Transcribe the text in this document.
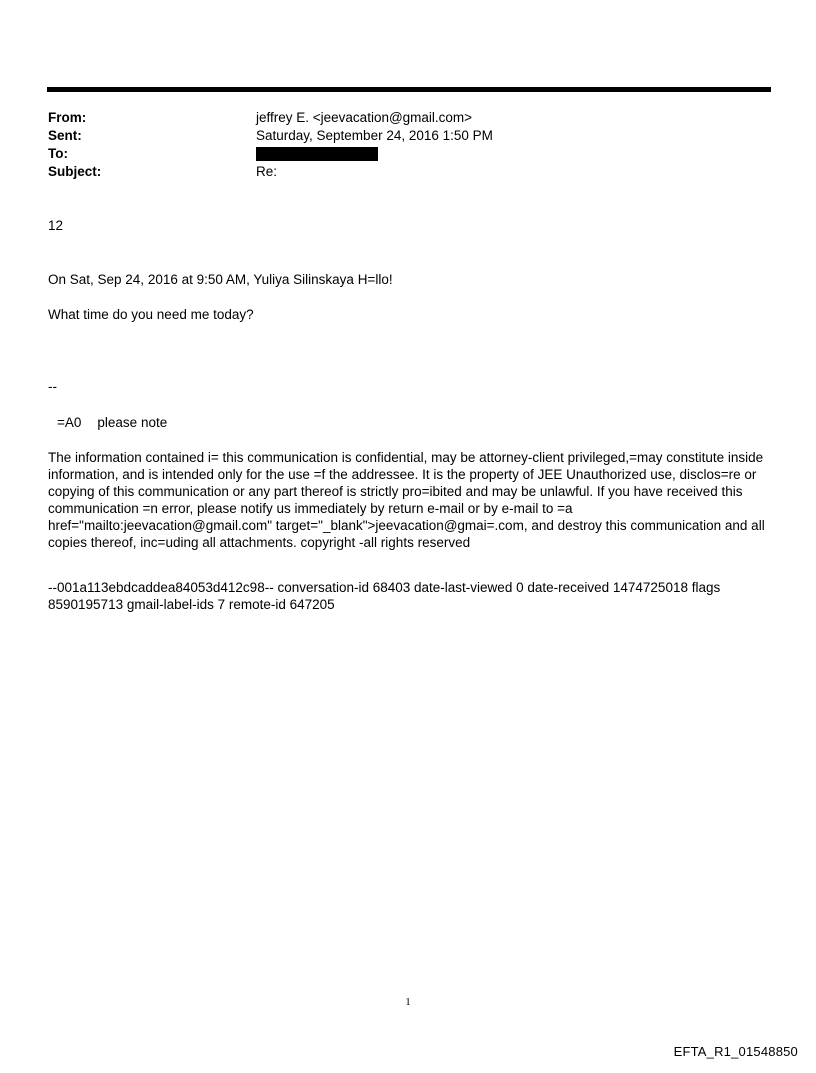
From:	jeffrey E. <jeevacation@gmail.com>
Sent:	Saturday, September 24, 2016 1:50 PM
To:
Subject:	Re:

12

On Sat, Sep 24, 2016 at 9:50 AM, Yuliya Silinskaya H=llo!

What time do you need me today?

--

=A0 please note

The information contained i= this communication is confidential, may be attorney-client privileged,=may constitute inside information, and is intended only for the use =f the addressee. It is the property of JEE Unauthorized use, disclos=re or copying of this communication or any part thereof is strictly pro=ibited and may be unlawful. If you have received this communication =n error, please notify us immediately by return e-mail or by e-mail to =a href="mailto:jeevacation@gmail.com" target="_blank">jeevacation@gmai=.com, and destroy this communication and all copies thereof, inc=uding all attachments. copyright -all rights reserved

--001a113ebdcaddea84053d412c98-- conversation-id 68403 date-last-viewed 0 date-received 1474725018 flags 8590195713 gmail-label-ids 7 remote-id 647205

1
EFTA_R1_01548850
